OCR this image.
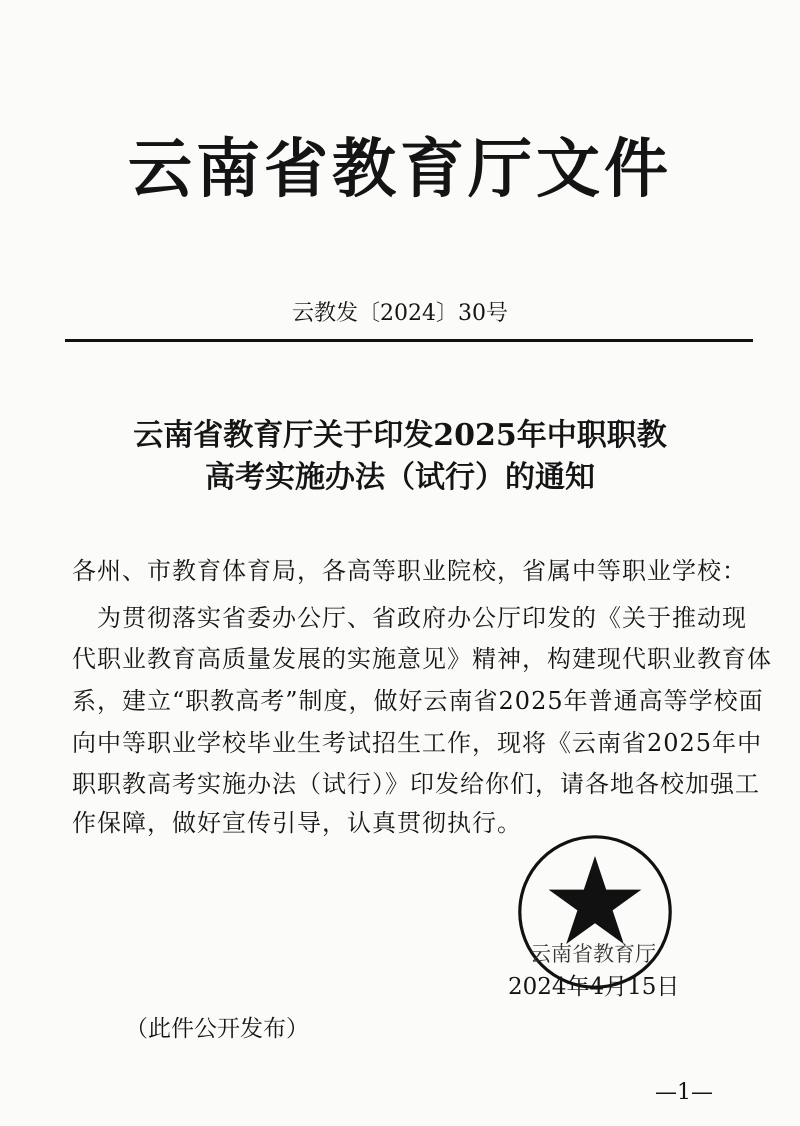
云南省教育厅文件
云教发〔2024〕30号
云南省教育厅关于印发2025年中职职教
高考实施办法（试行）的通知
各州、市教育体育局，各高等职业院校，省属中等职业学校：
　为贯彻落实省委办公厅、省政府办公厅印发的《关于推动现
代职业教育高质量发展的实施意见》精神，构建现代职业教育体
系，建立“职教高考”制度，做好云南省2025年普通高等学校面
向中等职业学校毕业生考试招生工作，现将《云南省2025年中
职职教高考实施办法（试行）》印发给你们，请各地各校加强工
作保障，做好宣传引导，认真贯彻执行。
云南省教育厅
2024年4月15日
（此件公开发布）
—1—
